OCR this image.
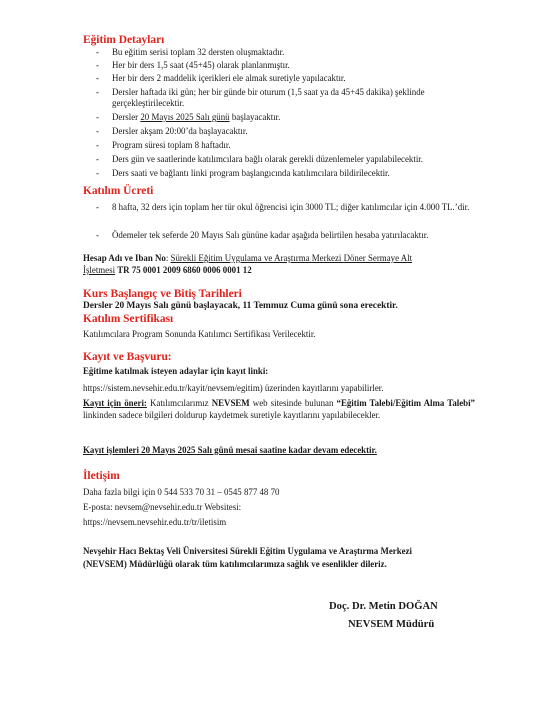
Eğitim Detayları
- Bu eğitim serisi toplam 32 dersten oluşmaktadır.
- Her bir ders 1,5 saat (45+45) olarak planlanmıştır.
- Her bir ders 2 maddelik içerikleri ele almak suretiyle yapılacaktır.
- Dersler haftada iki gün; her bir günde bir oturum (1,5 saat ya da 45+45 dakika) şeklinde gerçekleştirilecektir.
- Dersler 20 Mayıs 2025 Salı günü başlayacaktır.
- Dersler akşam 20:00’da başlayacaktır.
- Program süresi toplam 8 haftadır.
- Ders gün ve saatlerinde katılımcılara bağlı olarak gerekli düzenlemeler yapılabilecektir.
- Ders saati ve bağlantı linki program başlangıcında katılımcılara bildirilecektir.
Katılım Ücreti
- 8 hafta, 32 ders için toplam her tür okul öğrencisi için 3000 TL; diğer katılımcılar için 4.000 TL.’dir.
- Ödemeler tek seferde 20 Mayıs Salı gününe kadar aşağıda belirtilen hesaba yatırılacaktır.
Hesap Adı ve Iban No: Sürekli Eğitim Uygulama ve Araştırma Merkezi Döner Sermaye Alt
İşletmesi TR 75 0001 2009 6860 0006 0001 12
Kurs Başlangıç ve Bitiş Tarihleri
Dersler 20 Mayıs Salı günü başlayacak, 11 Temmuz Cuma günü sona erecektir.
Katılım Sertifikası
Katılımcılara Program Sonunda Katılımcı Sertifikası Verilecektir.
Kayıt ve Başvuru:
Eğitime katılmak isteyen adaylar için kayıt linki:
https://sistem.nevsehir.edu.tr/kayit/nevsem/egitim) üzerinden kayıtlarını yapabilirler.
Kayıt için öneri: Katılımcılarımız NEVSEM web sitesinde bulunan “Eğitim Talebi/Eğitim Alma Talebi” linkinden sadece bilgileri doldurup kaydetmek suretiyle kayıtlarını yapılabilecekler.
Kayıt işlemleri 20 Mayıs 2025 Salı günü mesai saatine kadar devam edecektir.
İletişim
Daha fazla bilgi için 0 544 533 70 31 – 0545 877 48 70
E-posta: nevsem@nevsehir.edu.tr Websitesi:
https://nevsem.nevsehir.edu.tr/tr/iletisim
Nevşehir Hacı Bektaş Veli Üniversitesi Sürekli Eğitim Uygulama ve Araştırma Merkezi (NEVSEM) Müdürlüğü olarak tüm katılımcılarımıza sağlık ve esenlikler dileriz.
Doç. Dr. Metin DOĞAN
NEVSEM Müdürü
